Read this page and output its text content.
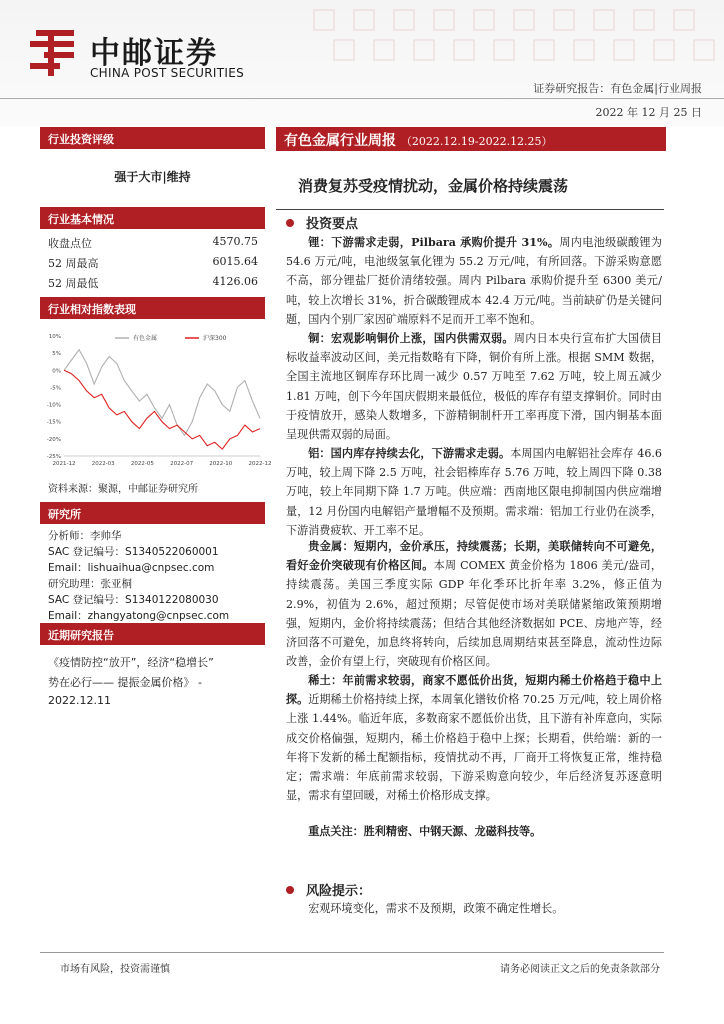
中邮证券
CHINA POST SECURITIES
证券研究报告：有色金属|行业周报
2022 年 12 月 25 日
行业投资评级
强于大市|维持
行业基本情况
收盘点位	4570.75
52 周最高	6015.64
52 周最低	4126.06
行业相对指数表现
10%
5%
0%
-5%
-10%
-15%
-20%
-25%
2021-12	2022-03	2022-05	2022-07	2022-10	2022-12
有色金属	沪深300
资料来源：聚源，中邮证券研究所
研究所
分析师：李帅华
SAC 登记编号：S1340522060001
Email：lishuaihua@cnpsec.com
研究助理：张亚桐
SAC 登记编号：S1340122080030
Email：zhangyatong@cnpsec.com
近期研究报告
《疫情防控“放开”，经济“稳增长”
势在必行—— 提振金属价格》 -
2022.12.11
有色金属行业周报 （2022.12.19-2022.12.25）
消费复苏受疫情扰动，金属价格持续震荡
投资要点
锂：下游需求走弱，Pilbara 承购价提升 31%。周内电池级碳酸锂为 54.6 万元/吨，电池级氢氧化锂为 55.2 万元/吨，有所回落。下游采购意愿不高，部分锂盐厂挺价清绪较强。周内 Pilbara 承购价提升至 6300 美元/吨，较上次增长 31%，折合碳酸锂成本 42.4 万元/吨。当前缺矿仍是关键问题，国内个别厂家因矿端原料不足而开工率不饱和。
铜：宏观影响铜价上涨，国内供需双弱。周内日本央行宣布扩大国债目标收益率波动区间，美元指数略有下降，铜价有所上涨。根据 SMM 数据，全国主流地区铜库存环比周一减少 0.57 万吨至 7.62 万吨，较上周五减少 1.81 万吨，创下今年国庆假期来最低位，极低的库存有望支撑铜价。同时由于疫情放开，感染人数增多，下游精铜制杆开工率再度下滑，国内铜基本面呈现供需双弱的局面。
铝：国内库存持续去化，下游需求走弱。本周国内电解铝社会库存 46.6 万吨，较上周下降 2.5 万吨，社会铝棒库存 5.76 万吨，较上周四下降 0.38 万吨，较上年同期下降 1.7 万吨。供应端：西南地区限电抑制国内供应端增量，12 月份国内电解铝产量增幅不及预期。需求端：铝加工行业仍在淡季，下游消费疲软、开工率不足。
贵金属：短期内，金价承压，持续震荡；长期，美联储转向不可避免，看好金价突破现有价格区间。本周 COMEX 黄金价格为 1806 美元/盎司，持续震荡。美国三季度实际 GDP 年化季环比折年率 3.2%，修正值为 2.9%，初值为 2.6%，超过预期；尽管促使市场对美联储紧缩政策预期增强，短期内，金价将持续震荡；但结合其他经济数据如 PCE、房地产等，经济回落不可避免，加息终将转向，后续加息周期结束甚至降息，流动性边际改善，金价有望上行，突破现有价格区间。
稀土：年前需求较弱，商家不愿低价出货，短期内稀土价格趋于稳中上探。近期稀土价格持续上探，本周氧化镨钕价格 70.25 万元/吨，较上周价格上涨 1.44%。临近年底，多数商家不愿低价出货，且下游有补库意向，实际成交价格偏强，短期内，稀土价格趋于稳中上探；长期看，供给端：新的一年将下发新的稀土配额指标，疫情扰动不再，厂商开工将恢复正常，维持稳定；需求端：年底前需求较弱，下游采购意向较少，年后经济复苏逐意明显，需求有望回暖，对稀土价格形成支撑。
重点关注：胜利精密、中钢天源、龙磁科技等。
风险提示：
宏观环境变化，需求不及预期，政策不确定性增长。
市场有风险，投资需谨慎	请务必阅读正文之后的免责条款部分
